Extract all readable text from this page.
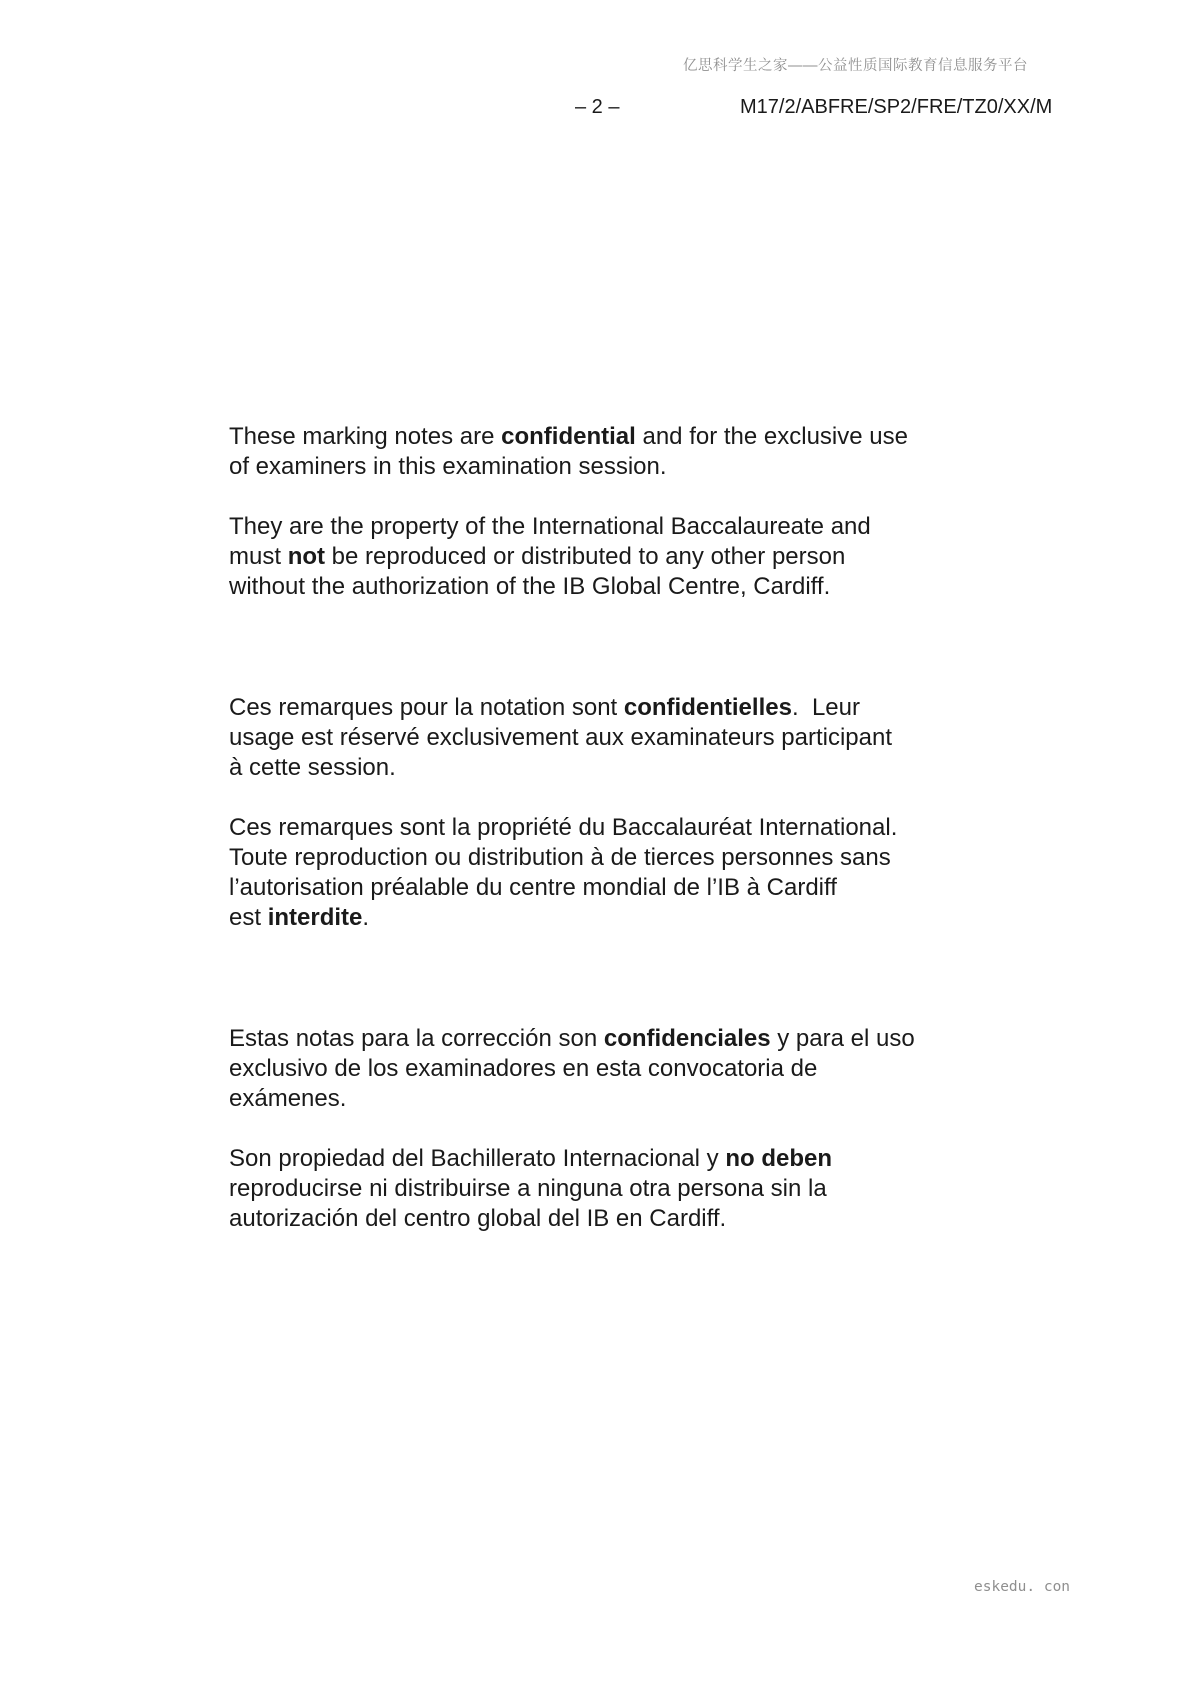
亿思科学生之家——公益性质国际教育信息服务平台
– 2 –	M17/2/ABFRE/SP2/FRE/TZ0/XX/M

These marking notes are confidential and for the exclusive use
of examiners in this examination session.

They are the property of the International Baccalaureate and
must not be reproduced or distributed to any other person
without the authorization of the IB Global Centre, Cardiff.

Ces remarques pour la notation sont confidentielles.  Leur
usage est réservé exclusivement aux examinateurs participant
à cette session.

Ces remarques sont la propriété du Baccalauréat International.
Toute reproduction ou distribution à de tierces personnes sans
l’autorisation préalable du centre mondial de l’IB à Cardiff
est interdite.

Estas notas para la corrección son confidenciales y para el uso
exclusivo de los examinadores en esta convocatoria de
exámenes.

Son propiedad del Bachillerato Internacional y no deben
reproducirse ni distribuirse a ninguna otra persona sin la
autorización del centro global del IB en Cardiff.

eskedu. con
